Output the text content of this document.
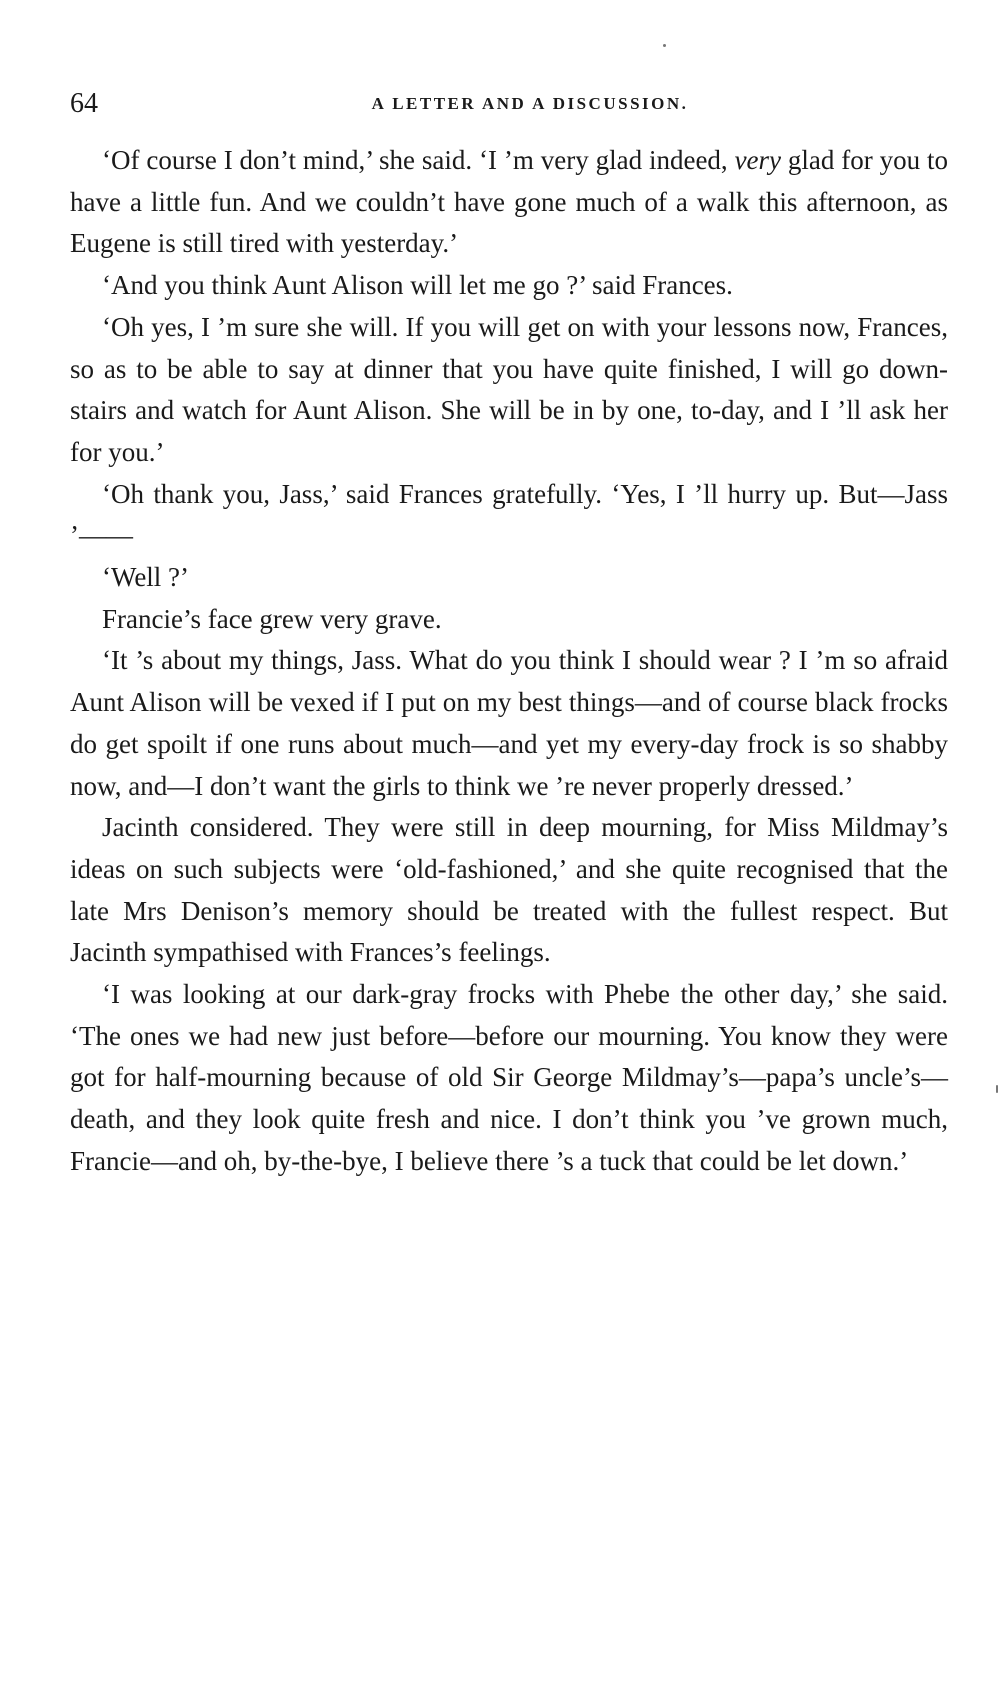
64	A LETTER AND A DISCUSSION.

‘Of course I don’t mind,’ she said. ‘I ’m very glad indeed, very glad for you to have a little fun. And we couldn’t have gone much of a walk this afternoon, as Eugene is still tired with yesterday.’

‘And you think Aunt Alison will let me go ?’ said Frances.

‘Oh yes, I ’m sure she will. If you will get on with your lessons now, Frances, so as to be able to say at dinner that you have quite finished, I will go down-stairs and watch for Aunt Alison. She will be in by one, to-day, and I ’ll ask her for you.’

‘Oh thank you, Jass,’ said Frances gratefully. ‘Yes, I ’ll hurry up. But—Jass ’——

‘Well ?’

Francie’s face grew very grave.

‘It ’s about my things, Jass. What do you think I should wear ? I ’m so afraid Aunt Alison will be vexed if I put on my best things—and of course black frocks do get spoilt if one runs about much—and yet my every-day frock is so shabby now, and—I don’t want the girls to think we ’re never properly dressed.’

Jacinth considered. They were still in deep mourning, for Miss Mildmay’s ideas on such subjects were ‘old-fashioned,’ and she quite recognised that the late Mrs Denison’s memory should be treated with the fullest respect. But Jacinth sympathised with Frances’s feelings.

‘I was looking at our dark-gray frocks with Phebe the other day,’ she said. ‘The ones we had new just before—before our mourning. You know they were got for half-mourning because of old Sir George Mildmay’s—papa’s uncle’s—death, and they look quite fresh and nice. I don’t think you ’ve grown much, Francie—and oh, by-the-bye, I believe there ’s a tuck that could be let down.’
